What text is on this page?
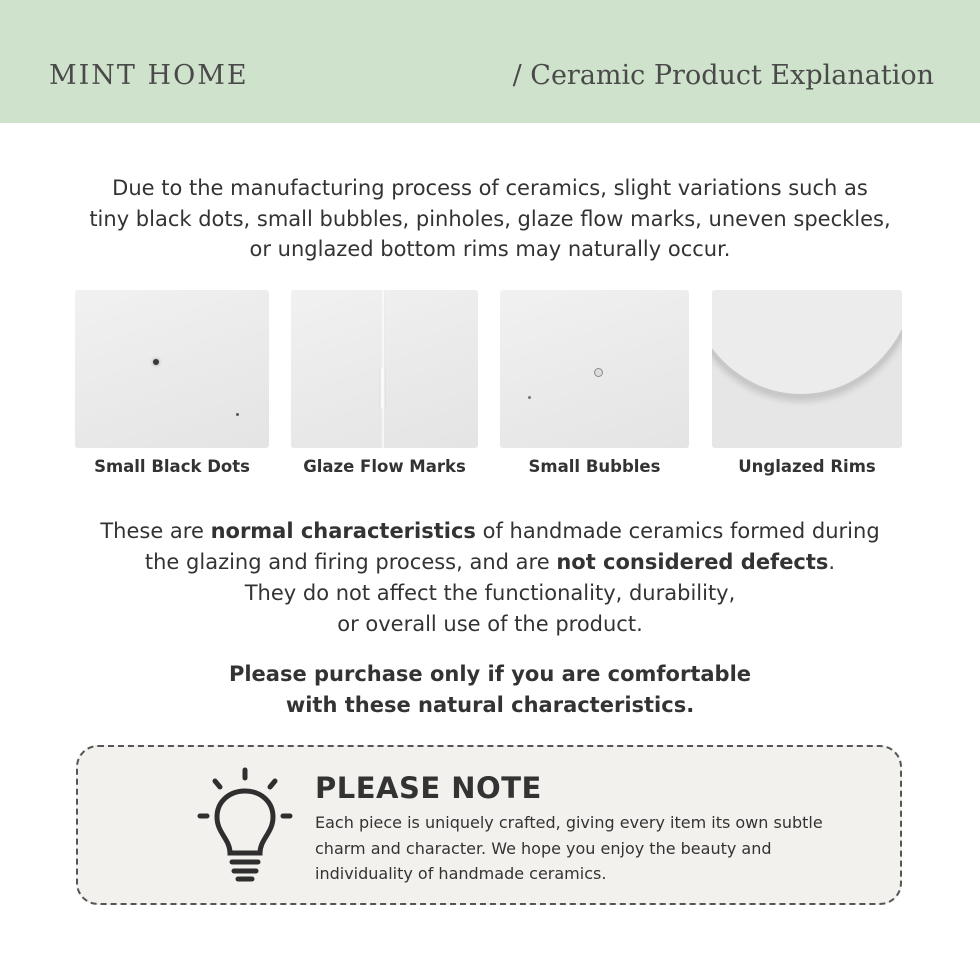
MINT HOME	/ Ceramic Product Explanation
Due to the manufacturing process of ceramics, slight variations such as
tiny black dots, small bubbles, pinholes, glaze flow marks, uneven speckles,
or unglazed bottom rims may naturally occur.
Small Black Dots	Glaze Flow Marks	Small Bubbles	Unglazed Rims
These are normal characteristics of handmade ceramics formed during
the glazing and firing process, and are not considered defects.
They do not affect the functionality, durability,
or overall use of the product.
Please purchase only if you are comfortable
with these natural characteristics.
PLEASE NOTE
Each piece is uniquely crafted, giving every item its own subtle
charm and character. We hope you enjoy the beauty and
individuality of handmade ceramics.
